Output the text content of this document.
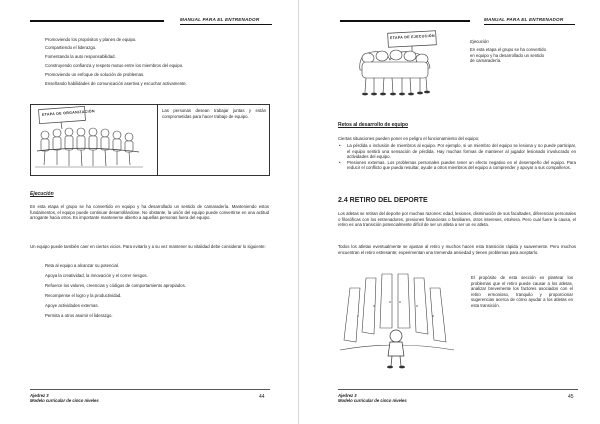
MANUAL PARA EL ENTRENADOR
Promoviendo los propósitos y planes de equipo.
Compartiendo el liderazgo.
Fomentando la auto responsabilidad.
Construyendo confianza y respeto mutuo entre los miembros del equipo.
Promoviendo un enfoque de solución de problemas.
Enseñando habilidades de comunicación asertiva y escuchar activamente.
ETAPA DE ORGANIZACIÓN	Las personas desean trabajar juntas y están comprometidas para hacer trabajo de equipo.
Ejecución
En esta etapa el grupo se ha convertido en equipo y ha desarrollado un sentido de camaradería. Manteniendo estos fundamentos, el equipo puede continuar desarrollándose. No obstante, la unión del equipo puede convertirse en una actitud arrogante hacia otros. Es importante mantenerse abierto a aquellas personas fuera del equipo.
Un equipo puede también caer en ciertos vicios. Para evitarlo y a su vez mantener su vitalidad debe considerar lo siguiente:
Reta al equipo a alcanzar su potencial.
Apoya la creatividad, la innovación y el correr riesgos.
Refuerce los valores, creencias y códigos de comportamiento apropiados.
Recompense el logro y la productividad.
Apoye actividades externas.
Permita a otros asumir el liderazgo.
Ajedrez 3
Modelo curricular de cinco niveles
44
MANUAL PARA EL ENTRENADOR
ETAPA DE EJECUCIÓN
Ejecución
En esta etapa el grupo se ha convertido en equipo y ha desarrollado un sentido de camaradería.
Retos al desarrollo de equipo
Ciertas situaciones pueden poner en peligro el funcionamiento del equipo:
• La pérdida o inclusión de miembros al equipo. Por ejemplo, si un miembro del equipo se lesiona y no puede participar, el equipo sentirá una sensación de pérdida. Hay muchas formas de mantener al jugador lesionado involucrado en actividades del equipo.
• Presiones externas. Los problemas personales pueden tener un efecto negativo en el desempeño del equipo. Para reducir el conflicto que pueda resultar, ayude a otros miembros del equipo a comprender y apoyar a sus compañeros.
2.4 RETIRO DEL DEPORTE
Los atletas se retiran del deporte por muchas razones: edad, lesiones, disminución de sus facultades, diferencias personales o filosóficas con los entrenadores, presiones financieras o familiares, otros intereses, etcétera. Pero cual fuere la causa, el retiro es una transición potencialmente difícil de ser un atleta a ser un ex atleta.
Todos los atletas eventualmente se ajustan al retiro y muchos hacen esta transición rápida y suavemente. Pero muchos encuentran el retiro estresante; experimentan una tremenda ansiedad y tienen problemas para aceptarlo.
El propósito de esta sección es plantear los problemas que el retiro puede causar a los atletas, analizar brevemente los factores asociados con el retiro ermonioso, tranquilo y proporcionar sugerencias acerca de cómo ayudar a los atletas en esta transición.
Ajedrez 3
Modelo curricular de cinco niveles
45
